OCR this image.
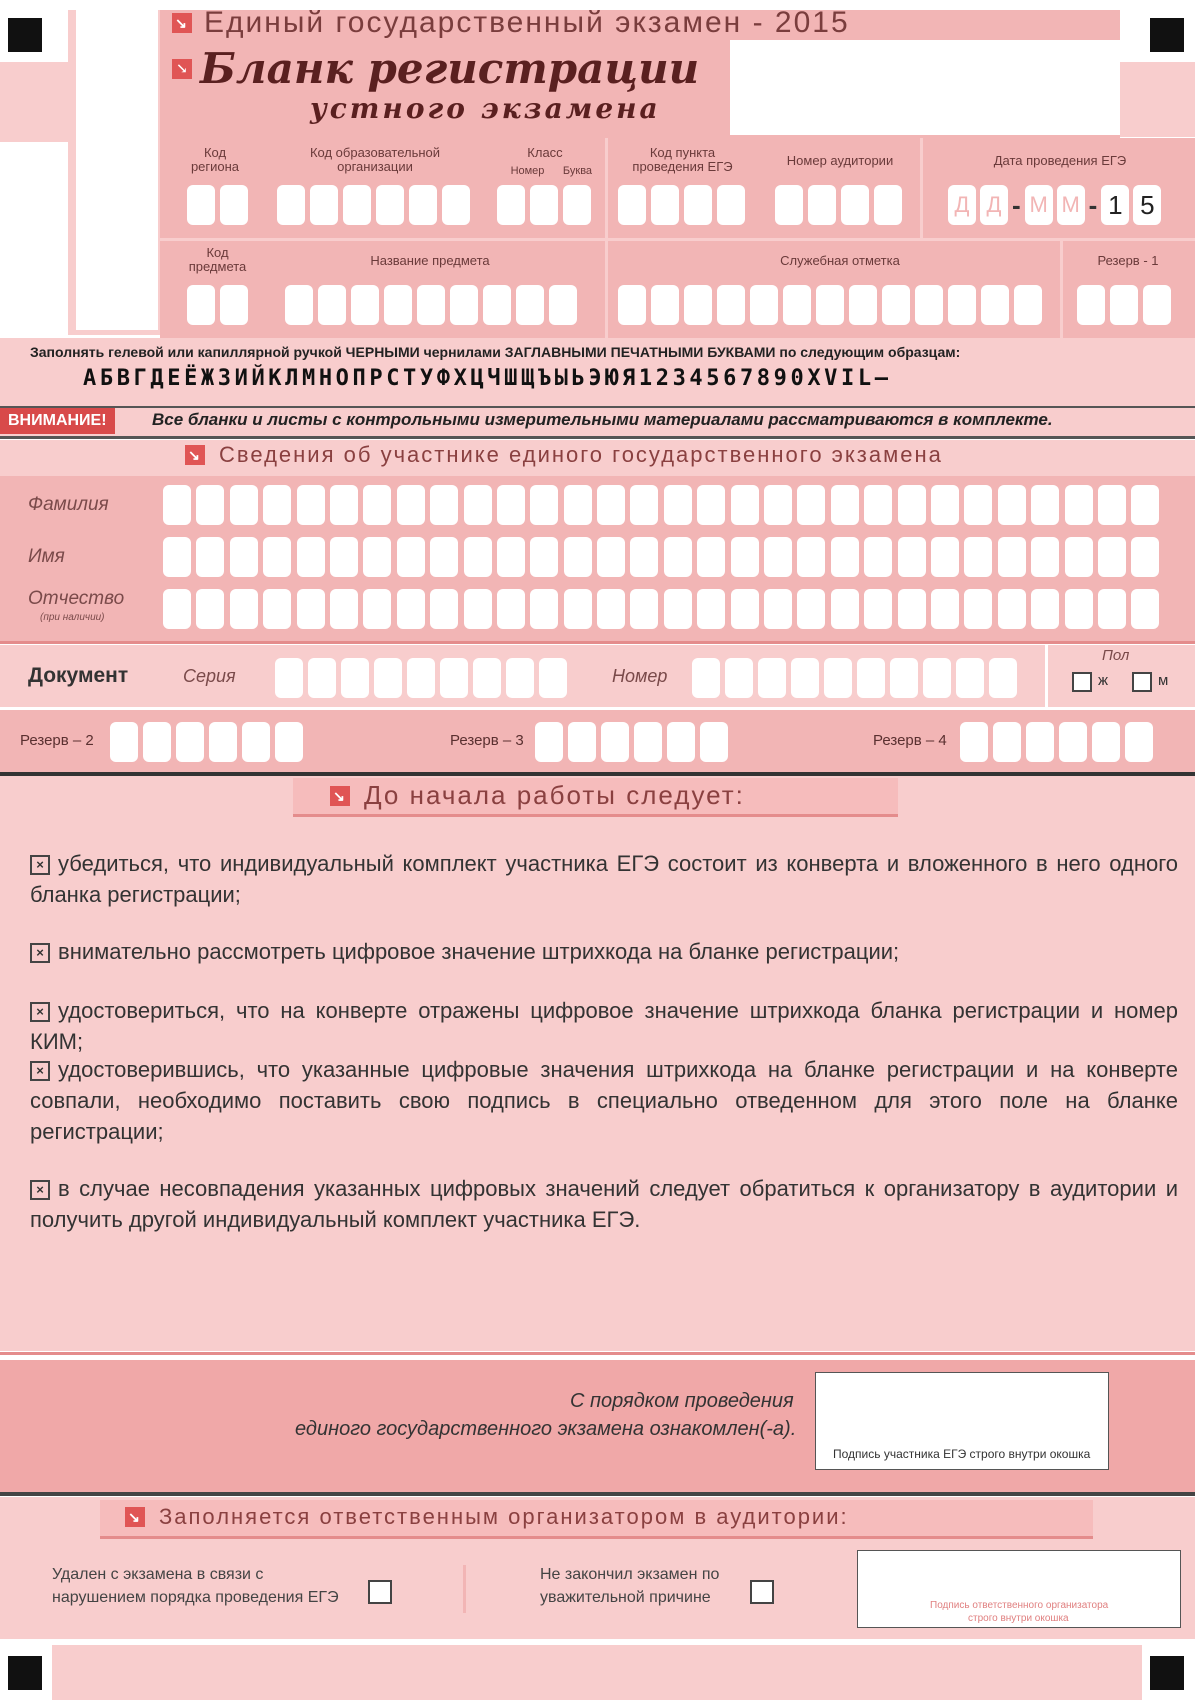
↘ Единый государственный экзамен - 2015
↘ Бланк регистрации
устного экзамена
Код региона
Код образовательной организации
Класс
Номер	Буква
Код пункта проведения ЕГЭ	Номер аудитории	Дата проведения ЕГЭ
Д Д - М М - 1 5
Код предмета	Название предмета	Служебная отметка	Резерв - 1
Заполнять гелевой или капиллярной ручкой ЧЕРНЫМИ чернилами ЗАГЛАВНЫМИ ПЕЧАТНЫМИ БУКВАМИ по следующим образцам:
АБВГДЕЁЖЗИЙКЛМНОПРСТУФХЦЧШЩЪЫЬЭЮЯ1234567890XVIL–
ВНИМАНИЕ!	Все бланки и листы с контрольными измерительными материалами рассматриваются в комплекте.
↘ Сведения об участнике единого государственного экзамена
Фамилия
Имя
Отчество
(при наличии)
Документ	Серия	Номер
Пол
ж	м
Резерв – 2	Резерв – 3	Резерв – 4
↘ До начала работы следует:
× убедиться, что индивидуальный комплект участника ЕГЭ состоит из конверта и вложенного в него одного бланка регистрации;
× внимательно рассмотреть цифровое значение штрихкода на бланке регистрации;
× удостовериться, что на конверте отражены цифровое значение штрихкода бланка регистрации и номер КИМ;
× удостоверившись, что указанные цифровые значения штрихкода на бланке регистрации и на конверте совпали, необходимо поставить свою подпись в специально отведенном для этого поле на бланке регистрации;
× в случае несовпадения указанных цифровых значений следует обратиться к организатору в аудитории и получить другой индивидуальный комплект участника ЕГЭ.
С порядком проведения
единого государственного экзамена ознакомлен(-а).
Подпись участника ЕГЭ строго внутри окошка
↘ Заполняется ответственным организатором в аудитории:
Удален с экзамена в связи с
нарушением порядка проведения ЕГЭ
Не закончил экзамен по
уважительной причине	Подпись ответственного организатора
строго внутри окошка
